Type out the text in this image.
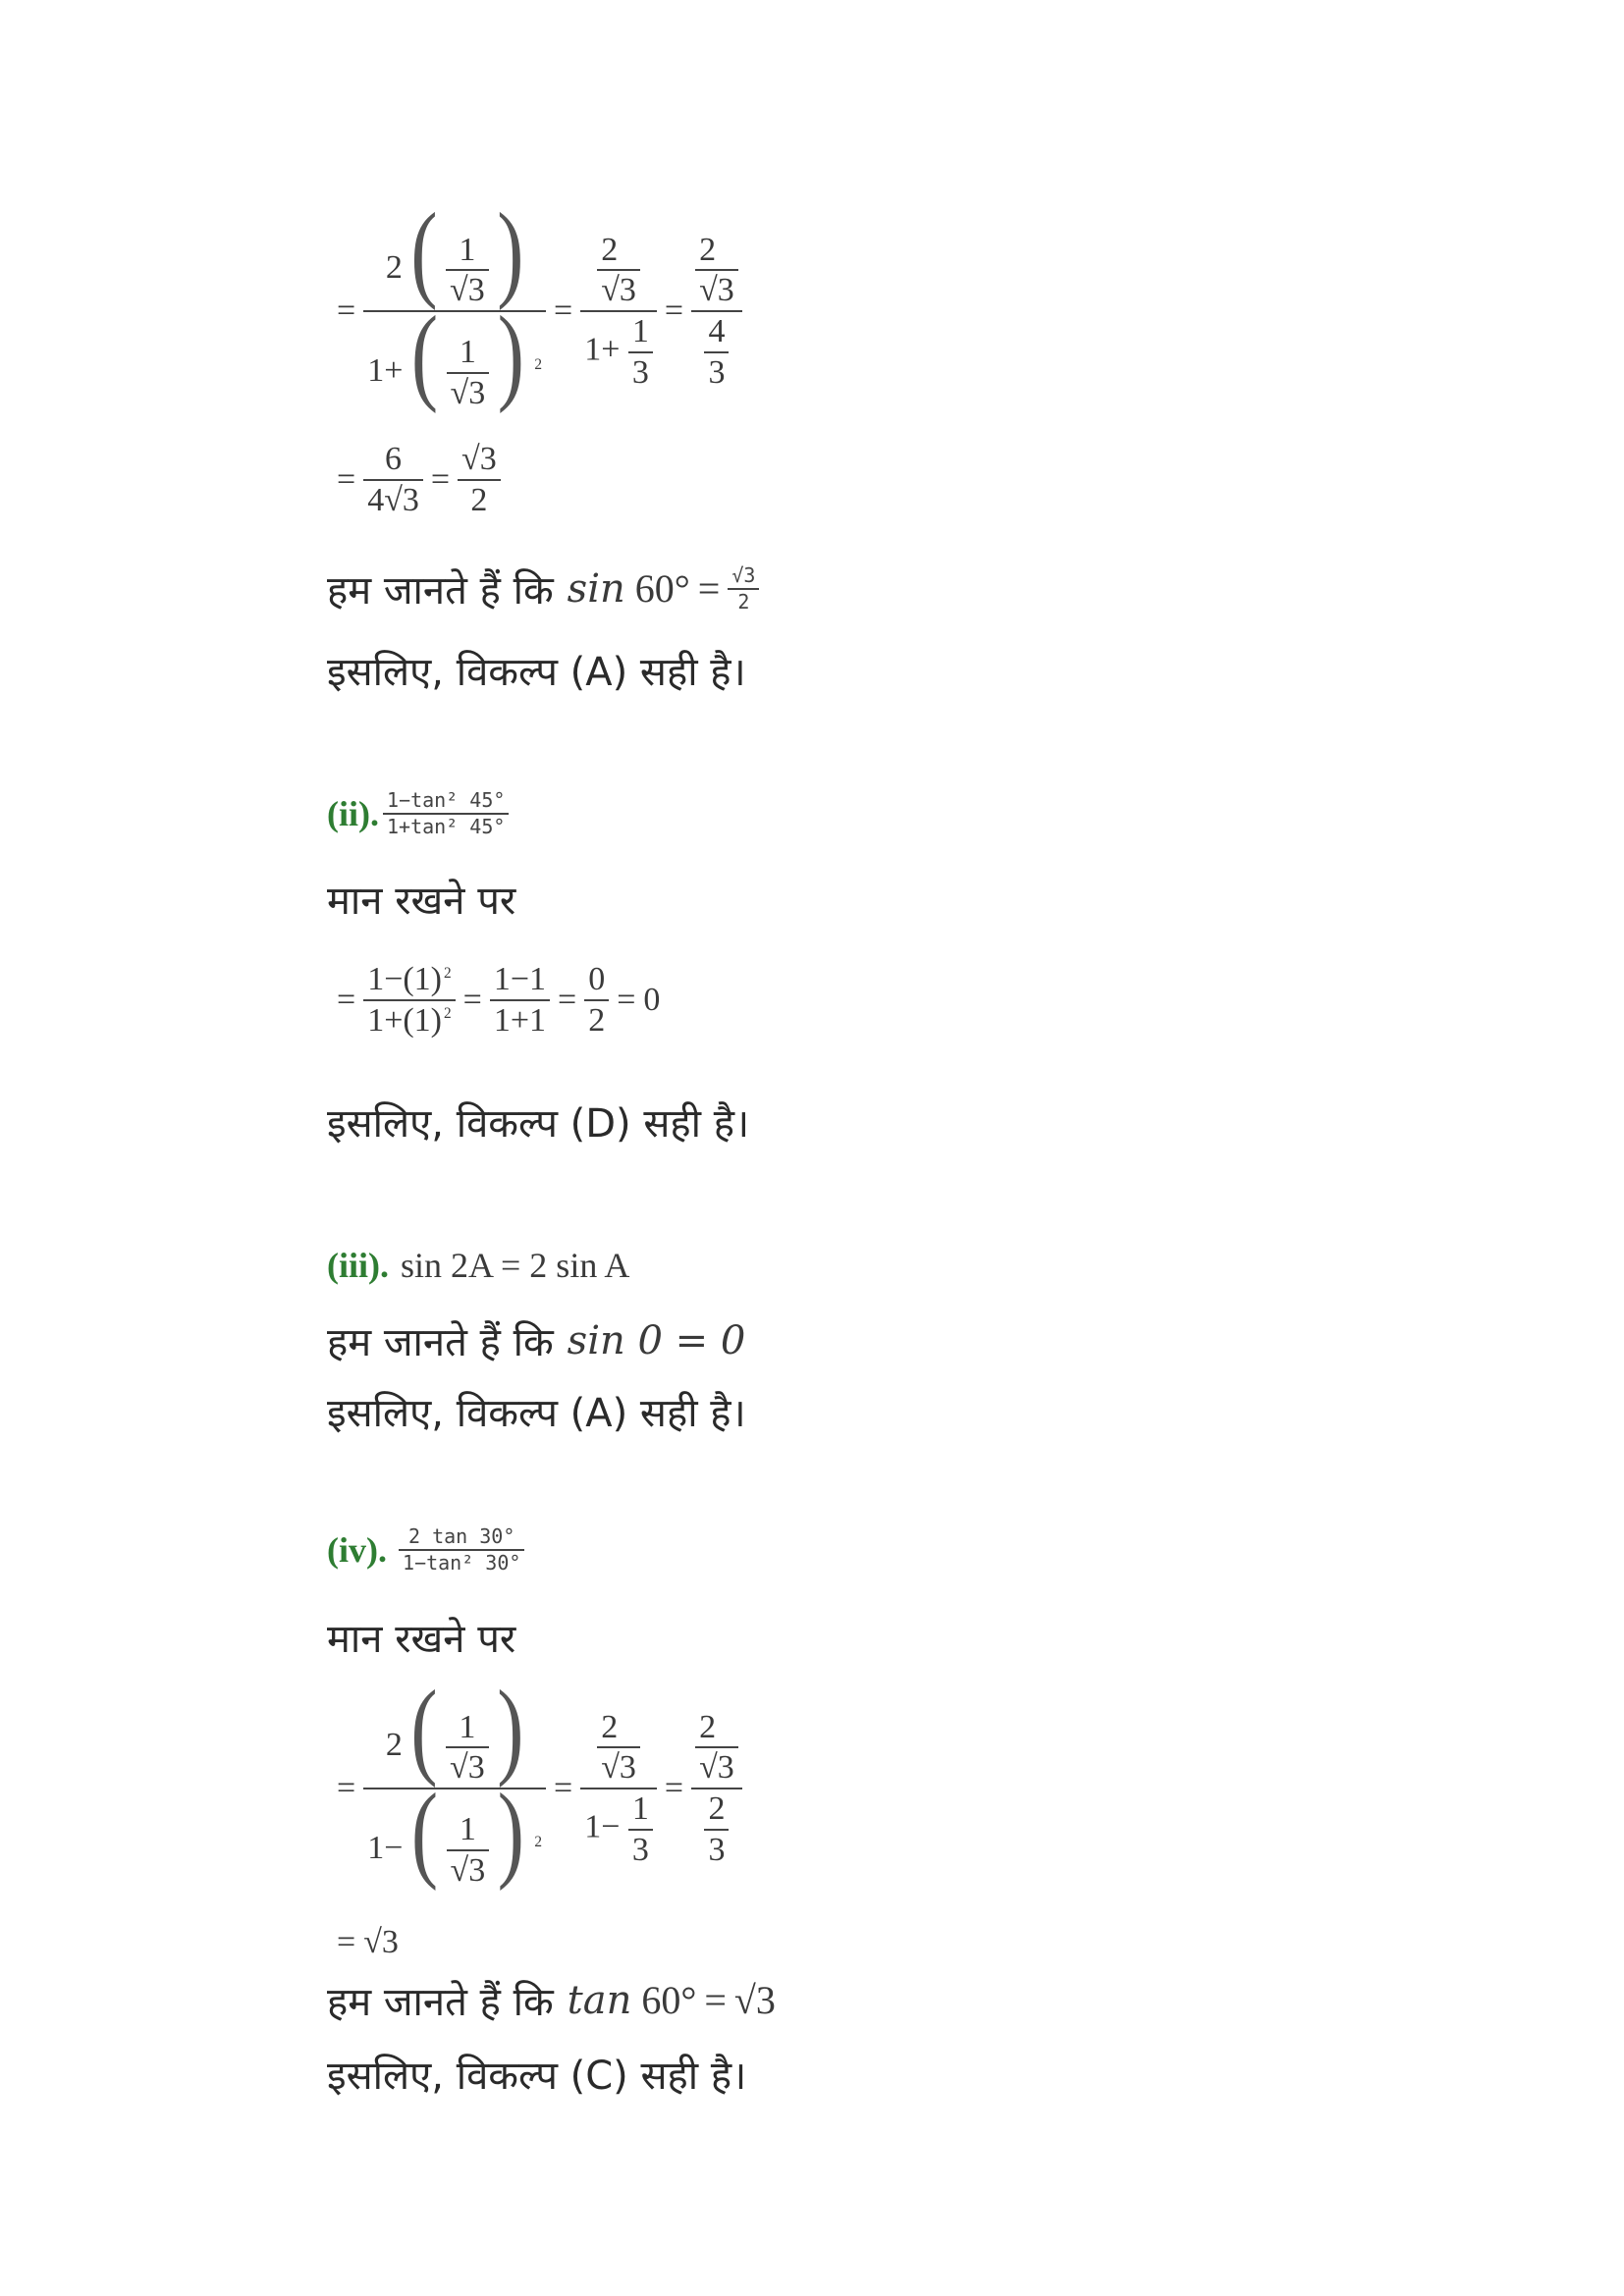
=
2 ( $\frac{1}{√3}$ )
1+ ( $\frac{1}{√3}$ ) $^2$
= $\frac{\frac{2}{√3}}{1+ \frac{1}{3}} = \frac{\frac{2}{√3}}{\frac{4}{3}}$
= $\frac{6}{4√3} = \frac{√3}{2}$
हम जानते हैं कि $\sin 60^\circ = \frac{√3}{2}$
इसलिए, विकल्प (A) सही है।
(ii). $\frac{\text{1−tan² 45°}}{\text{1+tan² 45°}}$
मान रखने पर
= $\frac{1-(1) ^2}{1+(1) ^2} = \frac{1-1}{1+1} = \frac{0}{2} = 0$
इसलिए, विकल्प (D) सही है।
(iii). sin 2A = 2 sin A
हम जानते हैं कि sin 0 = 0
इसलिए, विकल्प (A) सही है।
(iv). $\frac{2 \tan 30^\circ}{\text{1−tan² 30°}}$
मान रखने पर
=
2 ( $\frac{1}{√3}$ )
1− ( $\frac{1}{√3}$ ) $^2$
= $\frac{\frac{2}{√3}}{1- \frac{1}{3}} = \frac{\frac{2}{√3}}{\frac{2}{3}}$
= √ 3
हम जानते हैं कि tan 60° = √3
इसलिए, विकल्प (C) सही है।
